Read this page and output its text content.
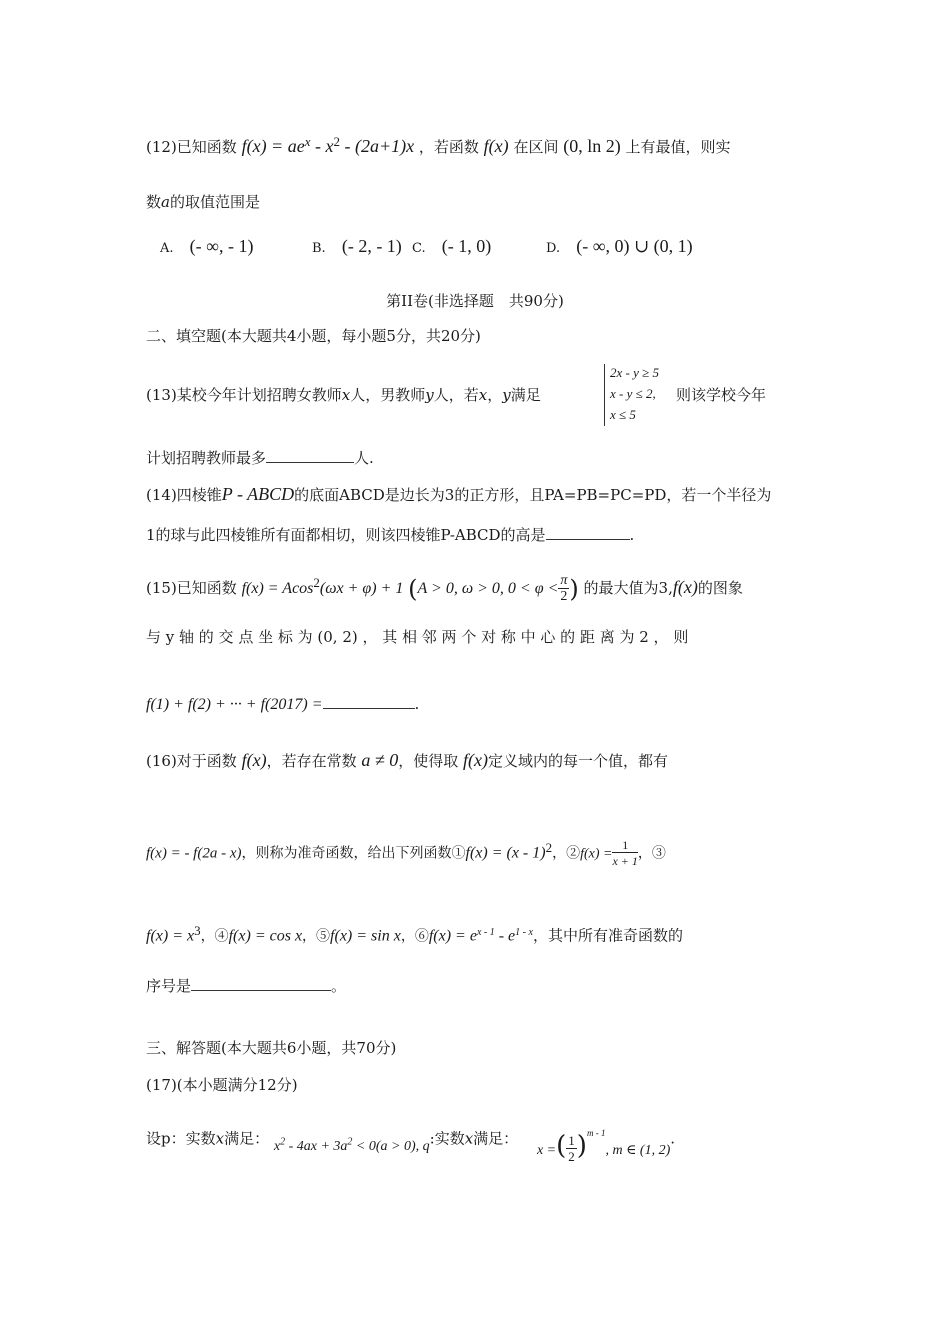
(12)已知函数 $f(x) = ae^x - x^2 - (2a+1)x$ ，若函数 f(x) 在区间 (0, ln 2) 上有最值，则实
数a的取值范围是
A. (- ∞, - 1)	B. (- 2, - 1) C. (- 1, 0)	D. (- ∞, 0) ∪ (0, 1)
第II卷(非选择题　共90分)
二、填空题(本大题共4小题，每小题5分，共20分)
(13)某校今年计划招聘女教师x人，男教师y人，若x，y满足
2x - y ≥ 5
x - y ≤ 2,
x ≤ 5
则该学校今年
计划招聘教师最多	人.
(14)四棱锥P - ABCD的底面ABCD是边长为3的正方形，且PA=PB=PC=PD，若一个半径为
1的球与此四棱锥所有面都相切，则该四棱锥P-ABCD的高是	.
(15)已知函数 f(x) = Acos$^2$(ωx + φ) + 1 (A > 0, ω > 0, $0 < \varphi < \frac{\pi}{2}$ ) 的最大值为3,f(x)的图象
与 y 轴 的 交 点 坐 标 为 (0, 2) ， 其 相 邻 两 个 对 称 中 心 的 距 离 为 2 ， 则
f(1) + f(2) + ··· + f(2017) =	.
(16)对于函数 f(x)，若存在常数 a ≠ 0，使得取 f(x)定义域内的每一个值，都有
f(x) = - f(2a - x)，则称为准奇函数，给出下列函数①f(x) = (x - 1)$^2$，②f(x) = $\frac{1}{x + 1}$ ，③
$f(x) = x^3$，④f(x) = cos x，⑤f(x) = sin x，⑥f(x) = $e^{x - 1} - e^{1 - x}$，其中所有准奇函数的
序号是	。
三、解答题(本大题共6小题，共70分)
(17)(本小题满分12分)
设p：实数x满足： $x^2 - 4ax + 3a^2 < 0(a > 0)$, q:实数x满足： x =( $\frac{1}{2} )^{m - 1}$, m ∈ (1, 2).
